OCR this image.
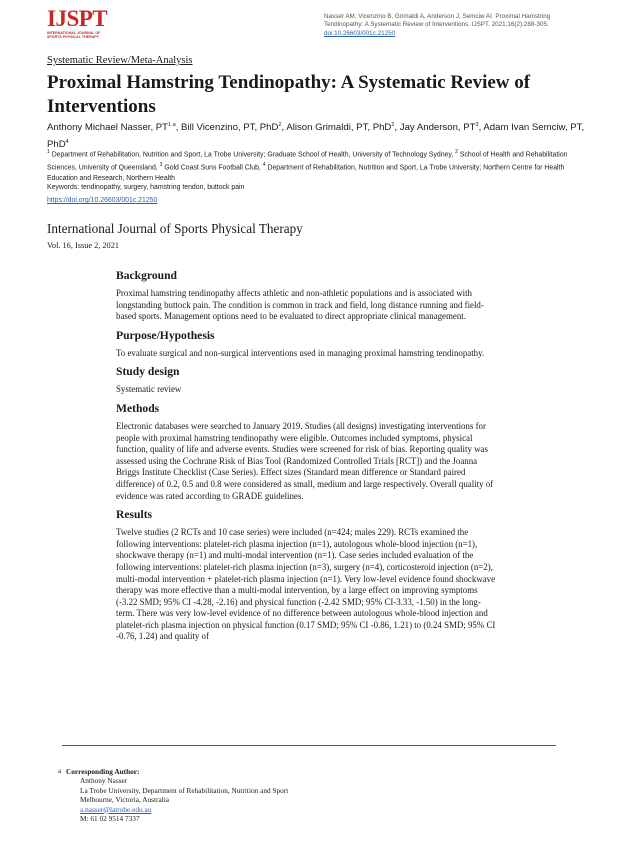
IJSPT
INTERNATIONAL JOURNAL OF SPORTS PHYSICAL THERAPY
Nasser AM, Vicenzino B, Grimaldi A, Anderson J, Semciw AI. Proximal Hamstring Tendinopathy: A Systematic Review of Interventions. IJSPT. 2021;16(2):288-305.
doi:10.26603/001c.21250
Systematic Review/Meta-Analysis
Proximal Hamstring Tendinopathy: A Systematic Review of Interventions
Anthony Michael Nasser, $PT^{1 a}$, Bill Vicenzino, PT, PhD$^2$, Alison Grimaldi, PT, PhD$^2$, Jay Anderson, $PT^3$, Adam Ivan Semciw, PT, PhD$^4$
$^1$ Department of Rehabilitation, Nutrition and Sport, La Trobe University; Graduate School of Health, University of Technology Sydney, $^2$ School of Health and Rehabilitation Sciences, University of Queensland, $^3$ Gold Coast Suns Football Club, $^4$ Department of Rehabilitation, Nutrition and Sport, La Trobe University; Northern Centre for Health Education and Research, Northern Health
Keywords: tendinopathy, surgery, hamstring tendon, buttock pain
https://doi.org/10.26603/001c.21250
International Journal of Sports Physical Therapy
Vol. 16, Issue 2, 2021
Background

Proximal hamstring tendinopathy affects athletic and non-athletic populations and is associated with longstanding buttock pain. The condition is common in track and field, long distance running and field-based sports. Management options need to be evaluated to direct appropriate clinical management.

Purpose/Hypothesis

To evaluate surgical and non-surgical interventions used in managing proximal hamstring tendinopathy.

Study design

Systematic review

Methods

Electronic databases were searched to January 2019. Studies (all designs) investigating interventions for people with proximal hamstring tendinopathy were eligible. Outcomes included symptoms, physical function, quality of life and adverse events. Studies were screened for risk of bias. Reporting quality was assessed using the Cochrane Risk of Bias Tool (Randomized Controlled Trials [RCT]) and the Joanna Briggs Institute Checklist (Case Series). Effect sizes (Standard mean difference or Standard paired difference) of 0.2, 0.5 and 0.8 were considered as small, medium and large respectively. Overall quality of evidence was rated according to GRADE guidelines.

Results

Twelve studies (2 RCTs and 10 case series) were included (n=424; males 229). RCTs examined the following interventions: platelet-rich plasma injection (n=1), autologous whole-blood injection (n=1), shockwave therapy (n=1) and multi-modal intervention (n=1). Case series included evaluation of the following interventions: platelet-rich plasma injection (n=3), surgery (n=4), corticosteroid injection (n=2), multi-modal intervention + platelet-rich plasma injection (n=1). Very low-level evidence found shockwave therapy was more effective than a multi-modal intervention, by a large effect on improving symptoms (-3.22 SMD; 95% CI -4.28, -2.16) and physical function (-2.42 SMD; 95% CI-3.33, -1.50) in the long-term. There was very low-level evidence of no difference between autologous whole-blood injection and platelet-rich plasma injection on physical function (0.17 SMD; 95% CI -0.86, 1.21) to (0.24 SMD; 95% CI -0.76, 1.24) and quality of

a Corresponding Author:
Anthony Nasser
La Trobe University, Department of Rehabilitation, Nutrition and Sport
Melbourne, Victoria, Australia
a.nasser@latrobe.edu.au
M: 61 02 9514 7337
